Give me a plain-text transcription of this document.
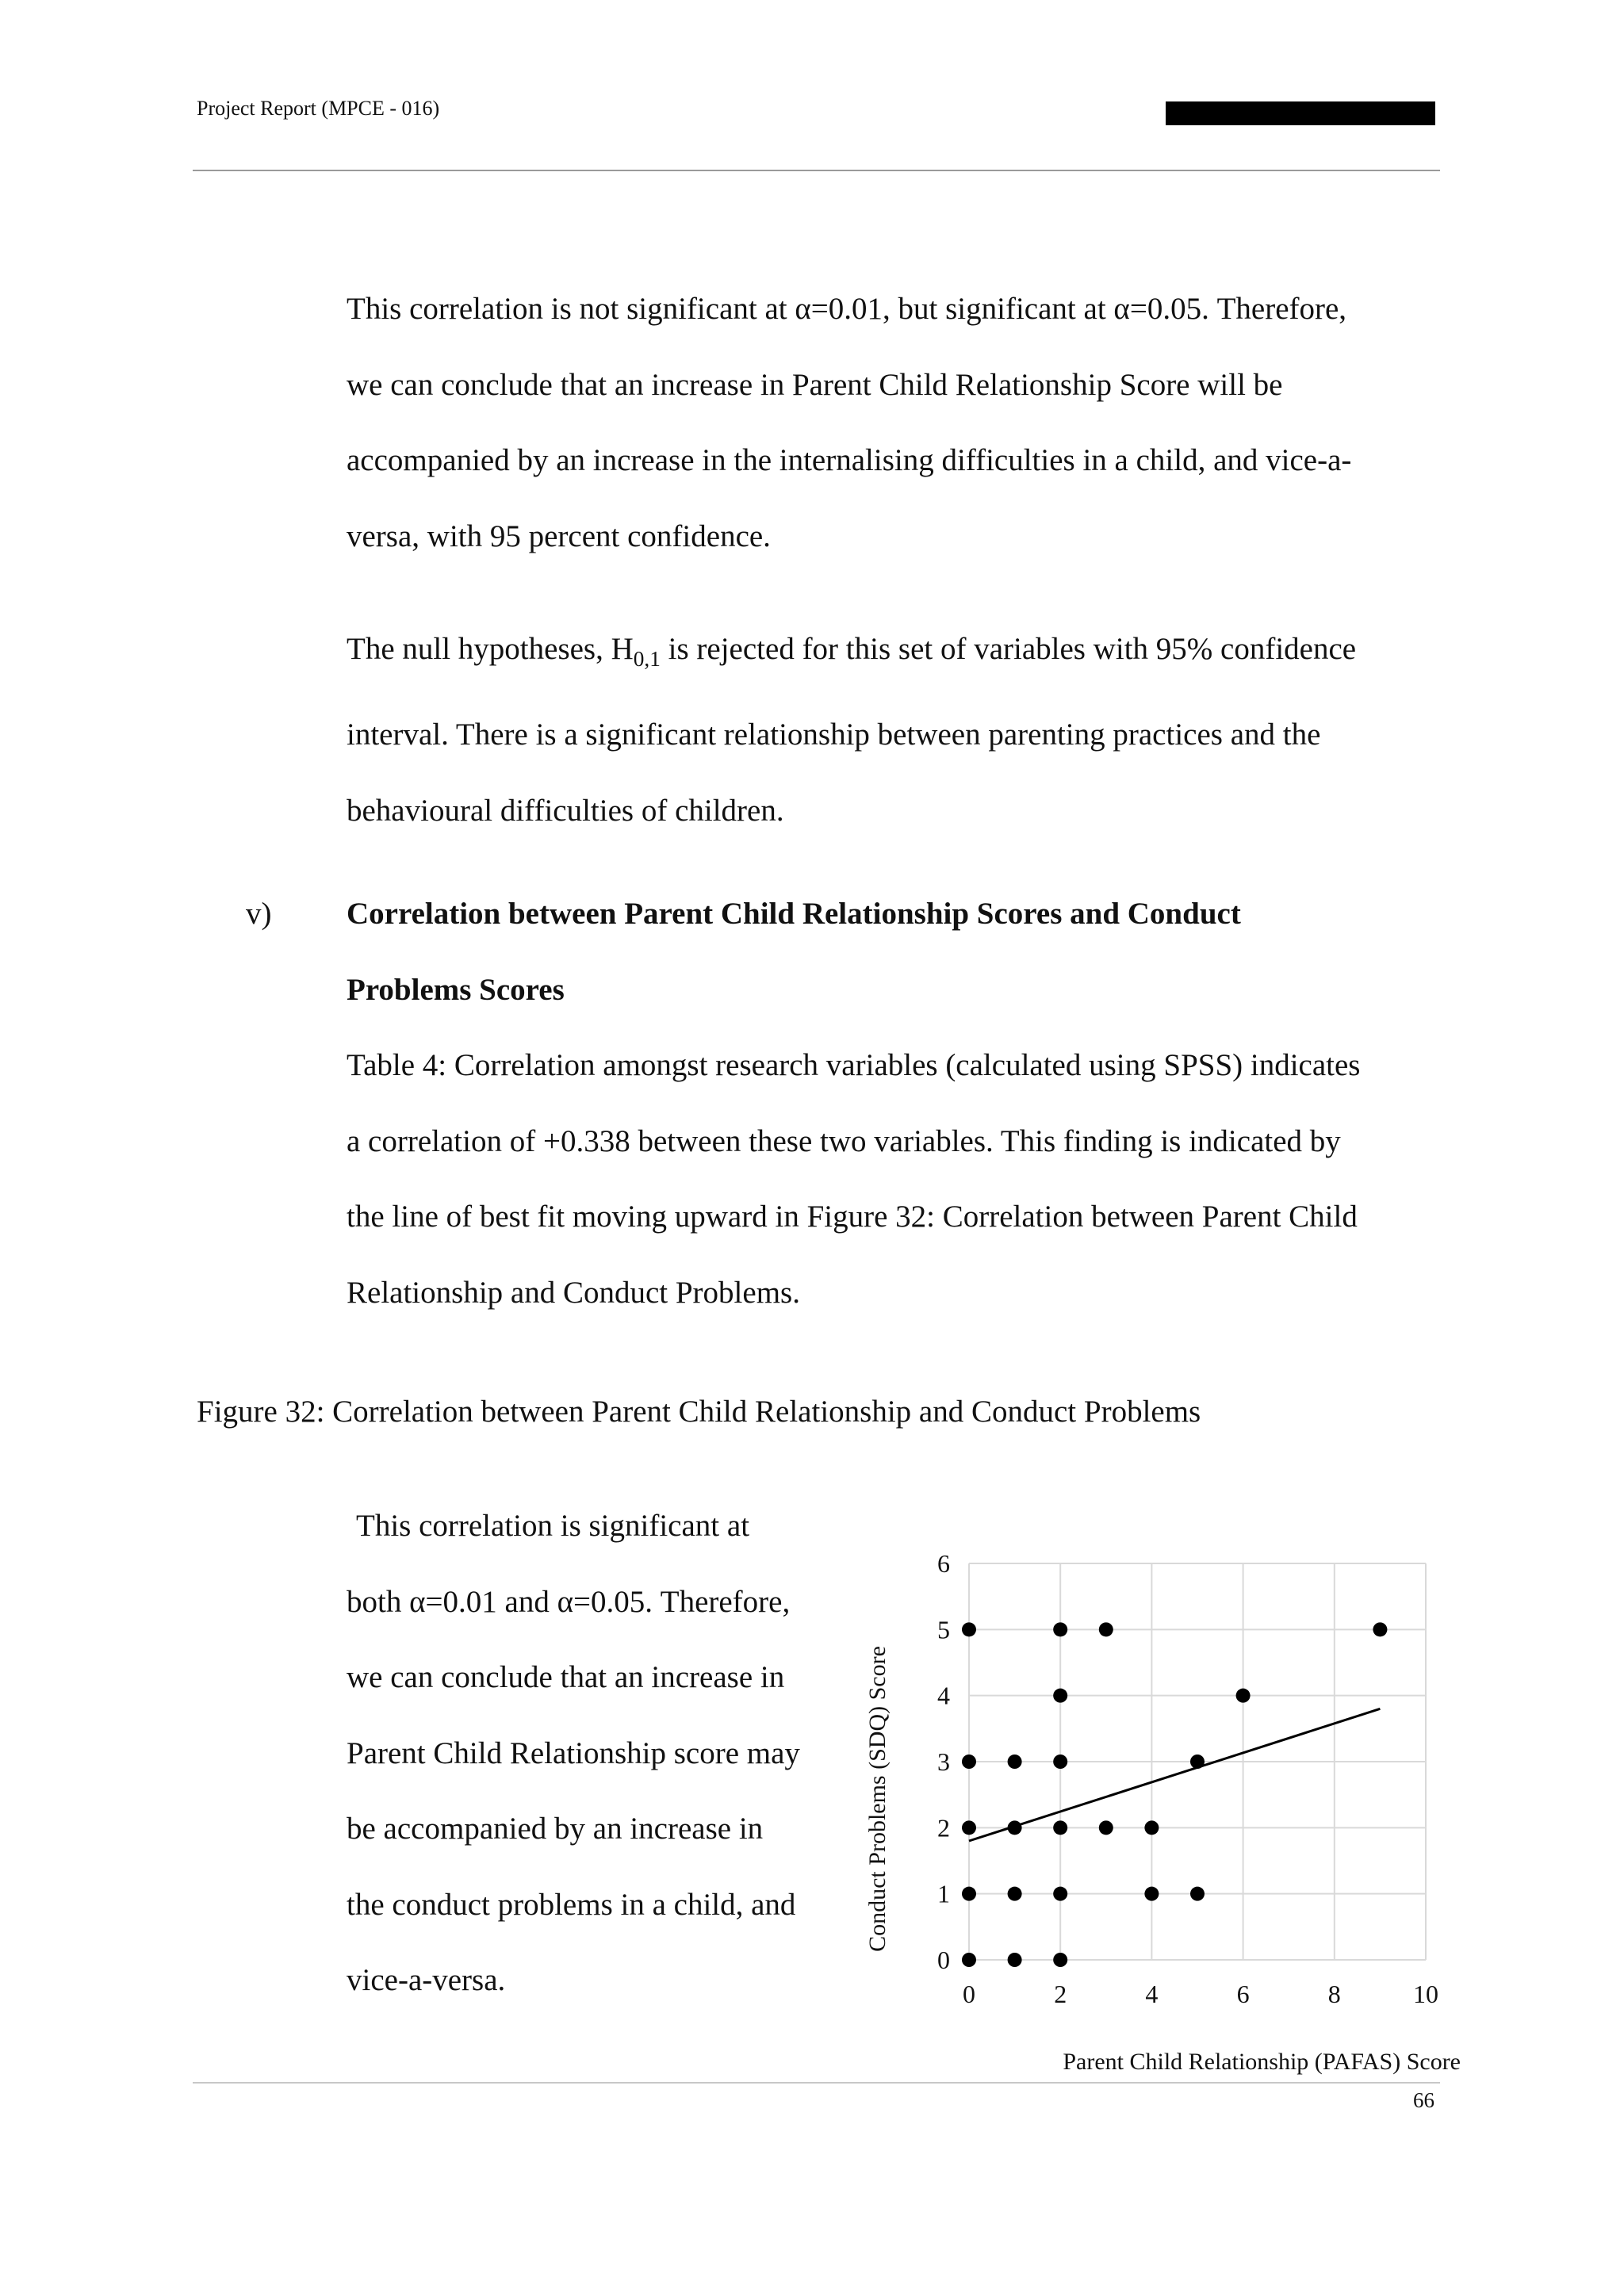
Project Report (MPCE - 016)

This correlation is not significant at α=0.01, but significant at α=0.05. Therefore,
we can conclude that an increase in Parent Child Relationship Score will be
accompanied by an increase in the internalising difficulties in a child, and vice-a-
versa, with 95 percent confidence.

The null hypotheses, $H_{0,1}$ is rejected for this set of variables with 95% confidence
interval. There is a significant relationship between parenting practices and the
behavioural difficulties of children.

v) Correlation between Parent Child Relationship Scores and Conduct
Problems Scores

Table 4: Correlation amongst research variables (calculated using SPSS) indicates
a correlation of +0.338 between these two variables. This finding is indicated by
the line of best fit moving upward in Figure 32: Correlation between Parent Child
Relationship and Conduct Problems.

Figure 32: Correlation between Parent Child Relationship and Conduct Problems

This correlation is significant at
both α=0.01 and α=0.05. Therefore,
we can conclude that an increase in
Parent Child Relationship score may
be accompanied by an increase in
the conduct problems in a child, and
vice-a-versa.

0
1
2
3
4
5
6
0	2	4	6	8	10
Conduct Problems (SDQ) Score
Parent Child Relationship (PAFAS) Score
66
